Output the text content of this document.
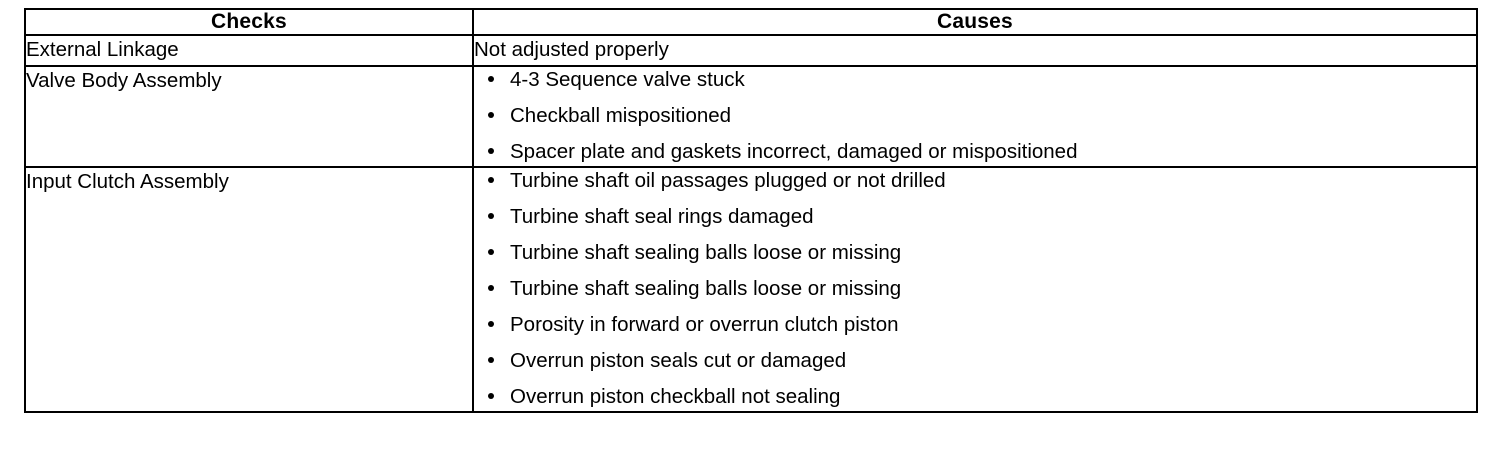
Checks	Causes

External Linkage	Not adjusted properly

Valve Body Assembly	4-3 Sequence valve stuck
Checkball mispositioned
Spacer plate and gaskets incorrect, damaged or mispositioned

Input Clutch Assembly	Turbine shaft oil passages plugged or not drilled
Turbine shaft seal rings damaged
Turbine shaft sealing balls loose or missing
Turbine shaft sealing balls loose or missing
Porosity in forward or overrun clutch piston
Overrun piston seals cut or damaged
Overrun piston checkball not sealing
